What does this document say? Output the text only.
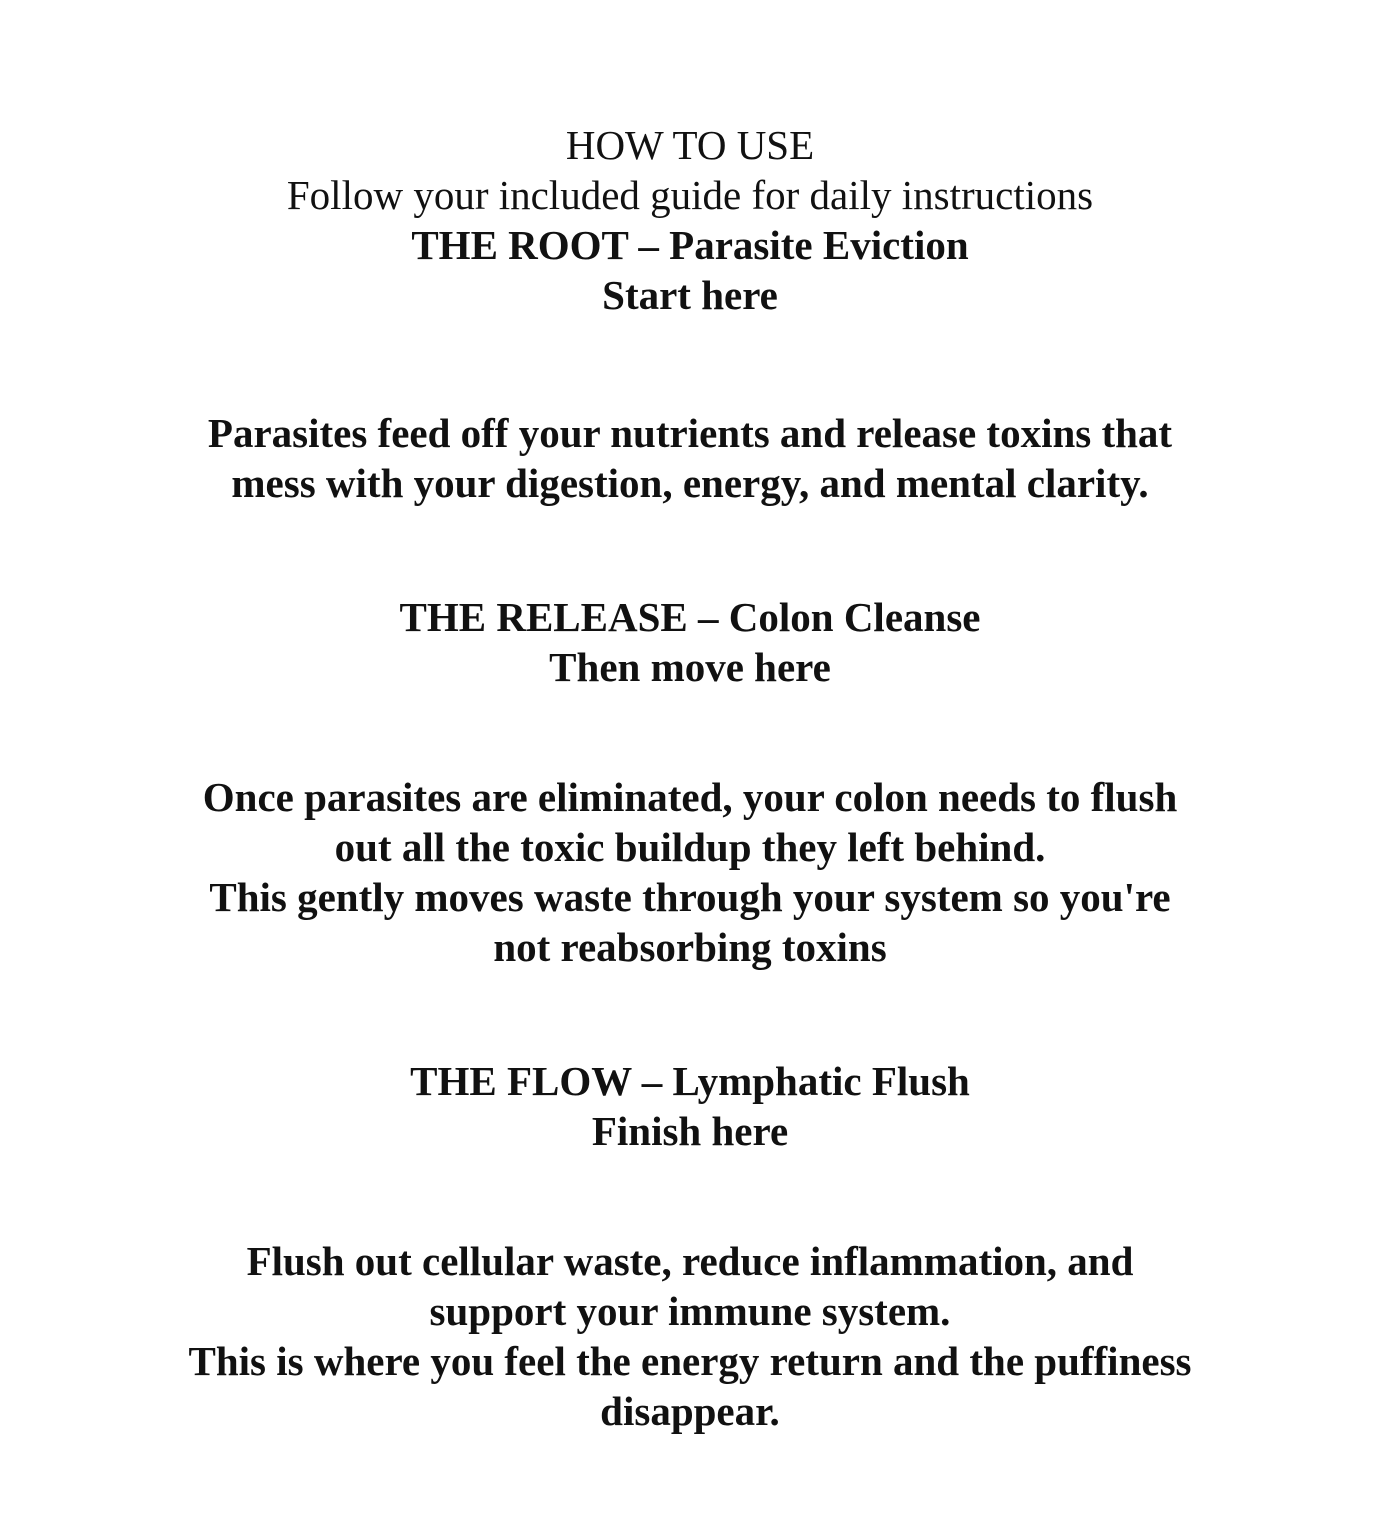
HOW TO USE
Follow your included guide for daily instructions
THE ROOT – Parasite Eviction
Start here
Parasites feed off your nutrients and release toxins that
mess with your digestion, energy, and mental clarity.
THE RELEASE – Colon Cleanse
Then move here
Once parasites are eliminated, your colon needs to flush
out all the toxic buildup they left behind.
This gently moves waste through your system so you're
not reabsorbing toxins
THE FLOW – Lymphatic Flush
Finish here
Flush out cellular waste, reduce inflammation, and
support your immune system.
This is where you feel the energy return and the puffiness
disappear.
